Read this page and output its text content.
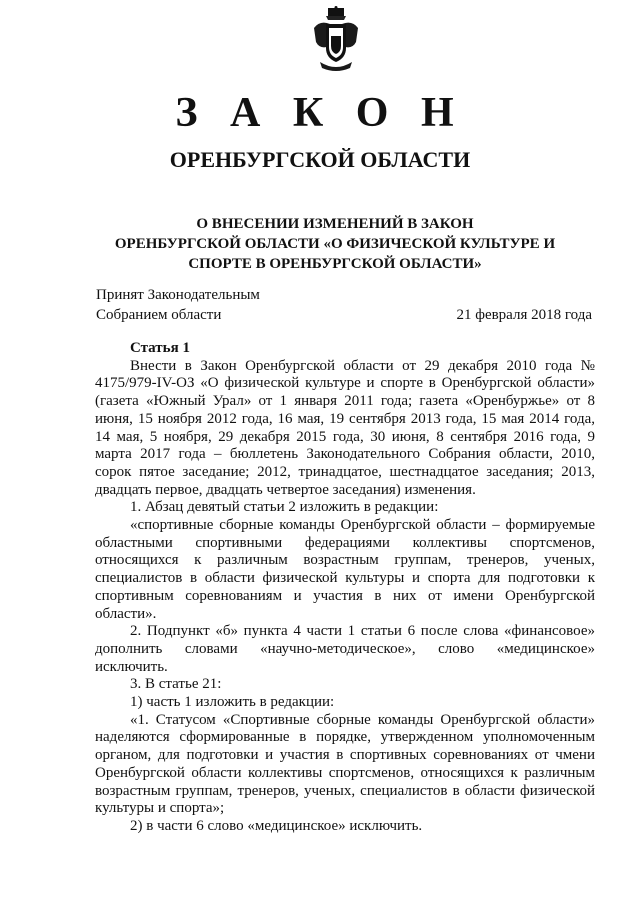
З А К О Н
ОРЕНБУРГСКОЙ ОБЛАСТИ
О ВНЕСЕНИИ ИЗМЕНЕНИЙ В ЗАКОН
ОРЕНБУРГСКОЙ ОБЛАСТИ «О ФИЗИЧЕСКОЙ КУЛЬТУРЕ И
СПОРТЕ В ОРЕНБУРГСКОЙ ОБЛАСТИ»
Принят Законодательным
Собранием области	21 февраля 2018 года
Статья 1

Внести в Закон Оренбургской области от 29 декабря 2010 года № 4175/979-IV-ОЗ «О физической культуре и спорте в Оренбургской области» (газета «Южный Урал» от 1 января 2011 года; газета «Оренбуржье» от 8 июня, 15 ноября 2012 года, 16 мая, 19 сентября 2013 года, 15 мая 2014 года, 14 мая, 5 ноября, 29 декабря 2015 года, 30 июня, 8 сентября 2016 года, 9 марта 2017 года – бюллетень Законодательного Собрания области, 2010, сорок пятое заседание; 2012, тринадцатое, шестнадцатое заседания; 2013, двадцать первое, двадцать четвертое заседания) изменения.

1. Абзац девятый статьи 2 изложить в редакции:

«спортивные сборные команды Оренбургской области – формируемые областными спортивными федерациями коллективы спортсменов, относящихся к различным возрастным группам, тренеров, ученых, специалистов в области физической культуры и спорта для подготовки к спортивным соревнованиям и участия в них от имени Оренбургской области».

2. Подпункт «б» пункта 4 части 1 статьи 6 после слова «финансовое» дополнить словами «научно-методическое», слово «медицинское» исключить.

3. В статье 21:

1) часть 1 изложить в редакции:

«1. Статусом «Спортивные сборные команды Оренбургской области» наделяются сформированные в порядке, утвержденном уполномоченным органом, для подготовки и участия в спортивных соревнованиях от чмени Оренбургской области коллективы спортсменов, относящихся к различным возрастным группам, тренеров, ученых, специалистов в области физической культуры и спорта»;

2) в части 6 слово «медицинское» исключить.
